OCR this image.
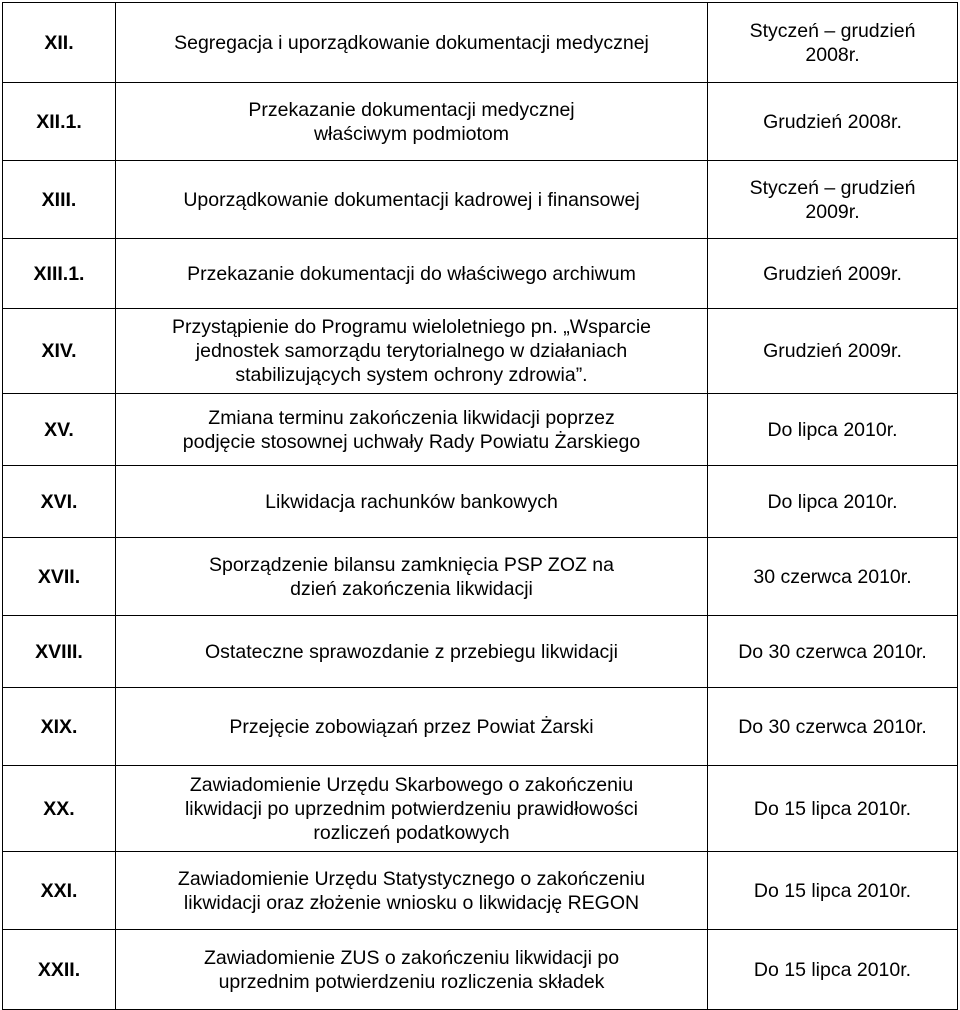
XII.	Segregacja i uporządkowanie dokumentacji medycznej	Styczeń – grudzień 2008r.
XII.1.	Przekazanie dokumentacji medycznej właściwym podmiotom	Grudzień 2008r.
XIII.	Uporządkowanie dokumentacji kadrowej i finansowej	Styczeń – grudzień 2009r.
XIII.1.	Przekazanie dokumentacji do właściwego archiwum	Grudzień 2009r.
XIV.	Przystąpienie do Programu wieloletniego pn. „Wsparcie jednostek samorządu terytorialnego w działaniach stabilizujących system ochrony zdrowia”.	Grudzień 2009r.
XV.	Zmiana terminu zakończenia likwidacji poprzez podjęcie stosownej uchwały Rady Powiatu Żarskiego	Do lipca 2010r.
XVI.	Likwidacja rachunków bankowych	Do lipca 2010r.
XVII.	Sporządzenie bilansu zamknięcia PSP ZOZ na dzień zakończenia likwidacji	30 czerwca 2010r.
XVIII.	Ostateczne sprawozdanie z przebiegu likwidacji	Do 30 czerwca 2010r.
XIX.	Przejęcie zobowiązań przez Powiat Żarski	Do 30 czerwca 2010r.
XX.	Zawiadomienie Urzędu Skarbowego o zakończeniu likwidacji po uprzednim potwierdzeniu prawidłowości rozliczeń podatkowych	Do 15 lipca 2010r.
XXI.	Zawiadomienie Urzędu Statystycznego o zakończeniu likwidacji oraz złożenie wniosku o likwidację REGON	Do 15 lipca 2010r.
XXII.	Zawiadomienie ZUS o zakończeniu likwidacji po uprzednim potwierdzeniu rozliczenia składek	Do 15 lipca 2010r.
